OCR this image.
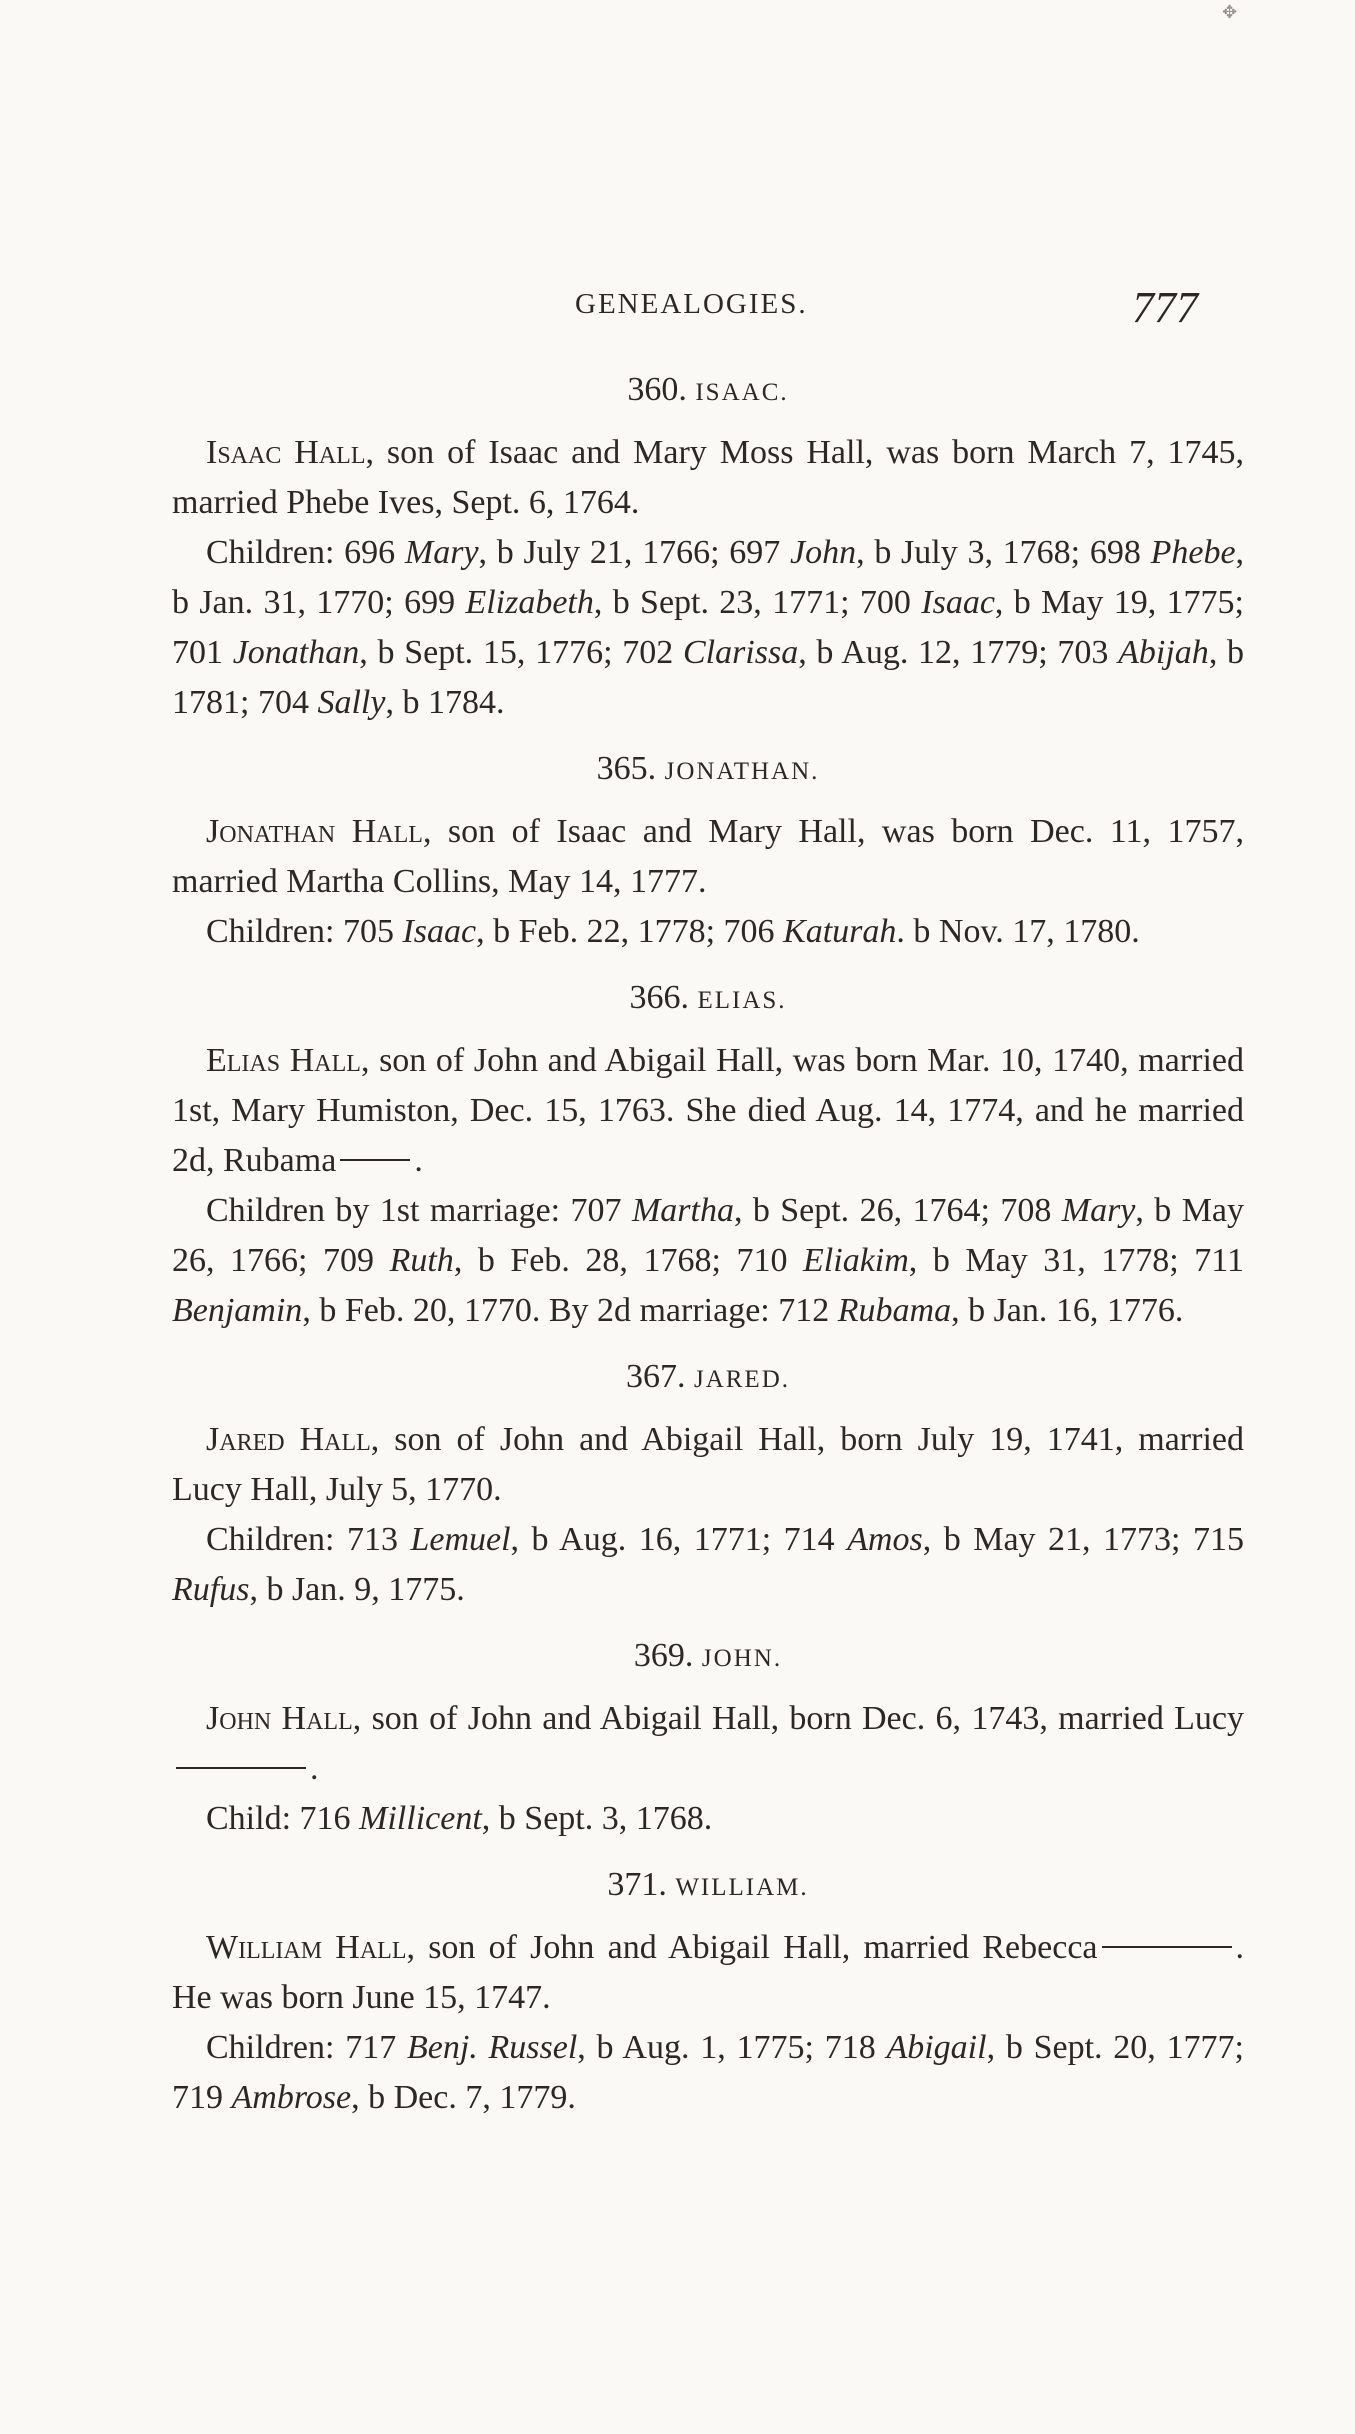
✥
GENEALOGIES.	777
360. ISAAC.

Isaac Hall, son of Isaac and Mary Moss Hall, was born March 7, 1745, married Phebe Ives, Sept. 6, 1764.

Children: 696 Mary, b July 21, 1766; 697 John, b July 3, 1768; 698 Phebe, b Jan. 31, 1770; 699 Elizabeth, b Sept. 23, 1771; 700 Isaac, b May 19, 1775; 701 Jonathan, b Sept. 15, 1776; 702 Clarissa, b Aug. 12, 1779; 703 Abijah, b 1781; 704 Sally, b 1784.

365. JONATHAN.

Jonathan Hall, son of Isaac and Mary Hall, was born Dec. 11, 1757, married Martha Collins, May 14, 1777.

Children: 705 Isaac, b Feb. 22, 1778; 706 Katurah. b Nov. 17, 1780.

366. ELIAS.

Elias Hall, son of John and Abigail Hall, was born Mar. 10, 1740, married 1st, Mary Humiston, Dec. 15, 1763. She died Aug. 14, 1774, and he married 2d, Rubama .

Children by 1st marriage: 707 Martha, b Sept. 26, 1764; 708 Mary, b May 26, 1766; 709 Ruth, b Feb. 28, 1768; 710 Eliakim, b May 31, 1778; 711 Benjamin, b Feb. 20, 1770. By 2d marriage: 712 Rubama, b Jan. 16, 1776.

367. JARED.

Jared Hall, son of John and Abigail Hall, born July 19, 1741, married Lucy Hall, July 5, 1770.

Children: 713 Lemuel, b Aug. 16, 1771; 714 Amos, b May 21, 1773; 715 Rufus, b Jan. 9, 1775.

369. JOHN.

John Hall, son of John and Abigail Hall, born Dec. 6, 1743, married Lucy.

Child: 716 Millicent, b Sept. 3, 1768.

371. WILLIAM.

William Hall, son of John and Abigail Hall, married Rebecca	. He was born June 15, 1747.

Children: 717 Benj. Russel, b Aug. 1, 1775; 718 Abigail, b Sept. 20, 1777; 719 Ambrose, b Dec. 7, 1779.
